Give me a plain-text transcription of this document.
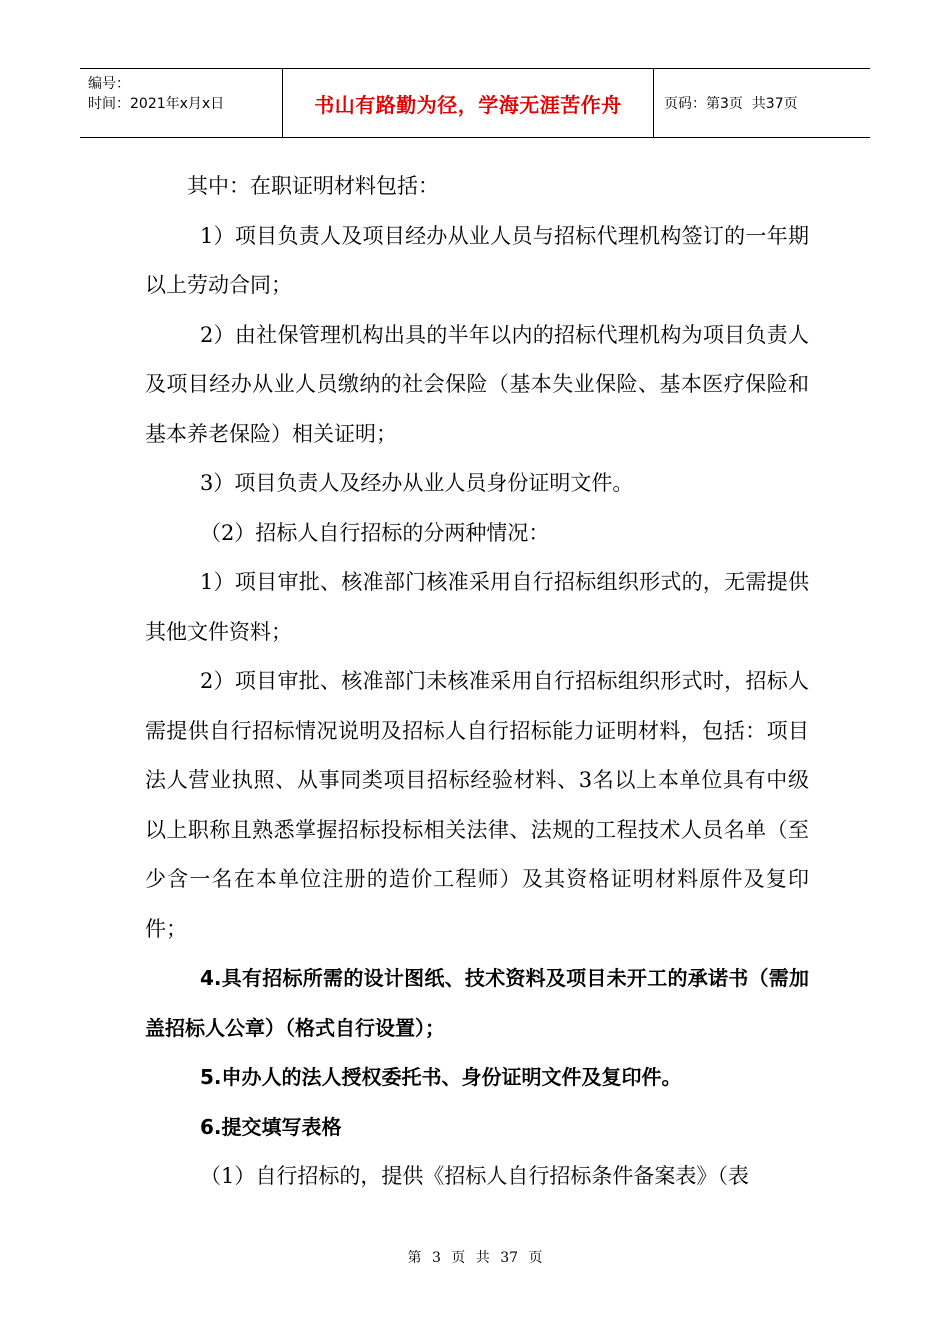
编号：
时间：2021年x月x日	书山有路勤为径，学海无涯苦作舟	页码：第3页  共37页

其中：在职证明材料包括：

1）项目负责人及项目经办从业人员与招标代理机构签订的一年期以上劳动合同；

2）由社保管理机构出具的半年以内的招标代理机构为项目负责人及项目经办从业人员缴纳的社会保险（基本失业保险、基本医疗保险和基本养老保险）相关证明；

3）项目负责人及经办从业人员身份证明文件。

（2）招标人自行招标的分两种情况：

1）项目审批、核准部门核准采用自行招标组织形式的，无需提供其他文件资料；

2）项目审批、核准部门未核准采用自行招标组织形式时，招标人需提供自行招标情况说明及招标人自行招标能力证明材料，包括：项目法人营业执照、从事同类项目招标经验材料、3名以上本单位具有中级以上职称且熟悉掌握招标投标相关法律、法规的工程技术人员名单（至少含一名在本单位注册的造价工程师）及其资格证明材料原件及复印件；

4.具有招标所需的设计图纸、技术资料及项目未开工的承诺书（需加盖招标人公章）（格式自行设置）；

5.申办人的法人授权委托书、身份证明文件及复印件。

6.提交填写表格

（1）自行招标的，提供《招标人自行招标条件备案表》（表

第 3 页 共 37 页
